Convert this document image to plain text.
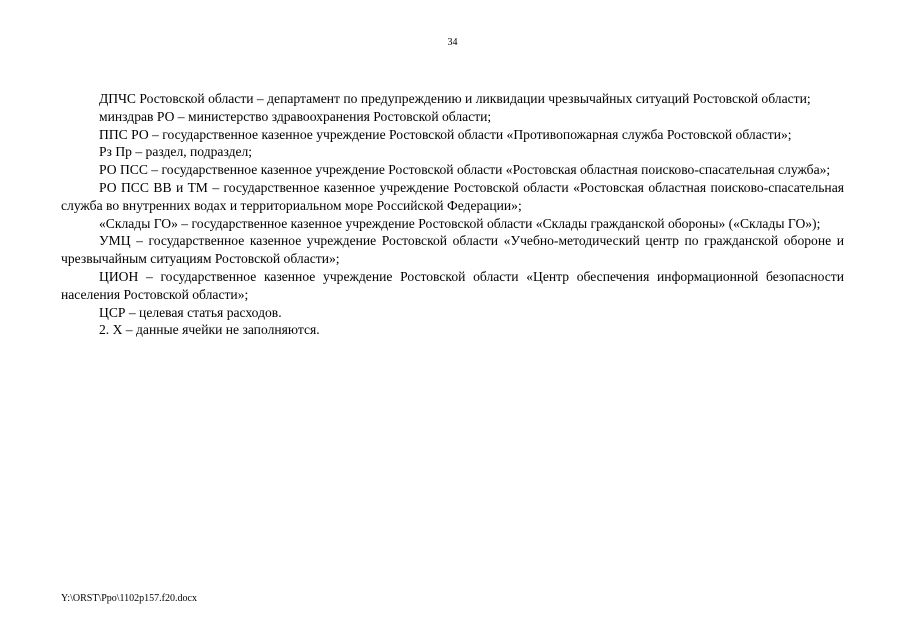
34

ДПЧС Ростовской области – департамент по предупреждению и ликвидации чрезвычайных ситуаций Ростовской области;

минздрав РО – министерство здравоохранения Ростовской области;

ППС РО – государственное казенное учреждение Ростовской области «Противопожарная служба Ростовской области»;

Рз Пр – раздел, подраздел;

РО ПСС – государственное казенное учреждение Ростовской области «Ростовская областная поисково-спасательная служба»;

РО ПСС ВВ и ТМ – государственное казенное учреждение Ростовской области «Ростовская областная поисково-спасательная служба во внутренних водах и территориальном море Российской Федерации»;

«Склады ГО» – государственное казенное учреждение Ростовской области «Склады гражданской обороны» («Склады ГО»);

УМЦ – государственное казенное учреждение Ростовской области «Учебно-методический центр по гражданской обороне и чрезвычайным ситуациям Ростовской области»;

ЦИОН – государственное казенное учреждение Ростовской области «Центр обеспечения информационной безопасности населения Ростовской области»;

ЦСР – целевая статья расходов.

2. Х – данные ячейки не заполняются.

Y:\ORST\Ppo\1102p157.f20.docx
